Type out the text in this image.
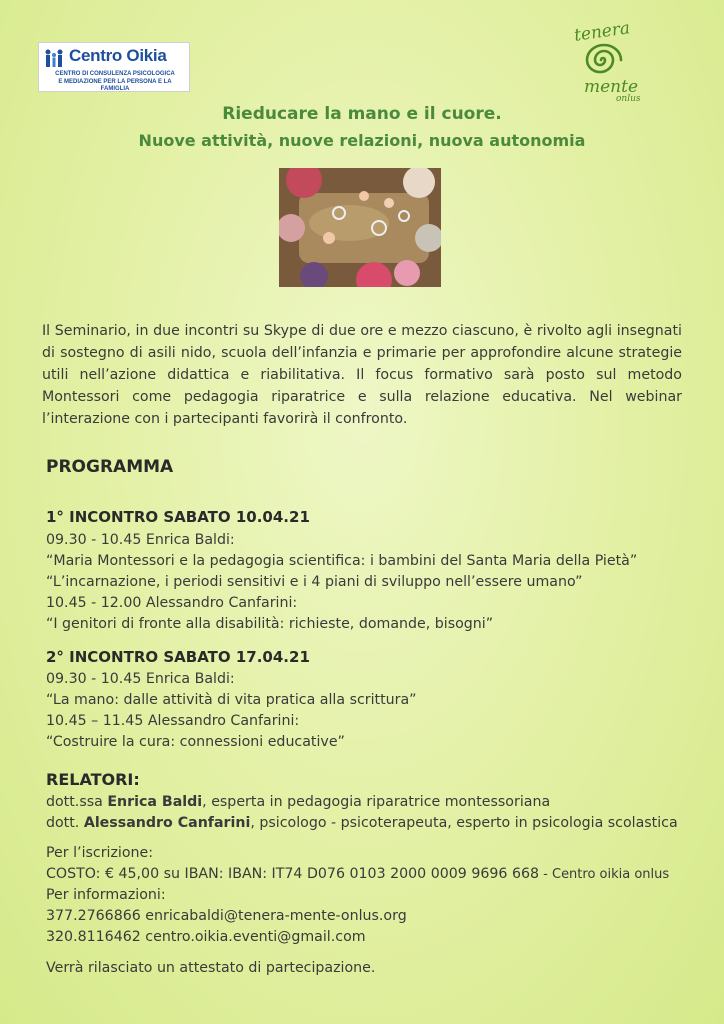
Centro Oikia
CENTRO DI CONSULENZA PSICOLOGICA
E MEDIAZIONE PER LA PERSONA E LA FAMIGLIA
tenera
mente
onlus
Rieducare la mano e il cuore.
Nuove attività, nuove relazioni, nuova autonomia
Il Seminario, in due incontri su Skype di due ore e mezzo ciascuno, è rivolto agli insegnati di sostegno di asili nido, scuola dell’infanzia e primarie per approfondire alcune strategie utili nell’azione didattica e riabilitativa. Il focus formativo sarà posto sul metodo Montessori come pedagogia riparatrice e sulla relazione educativa. Nel webinar l’interazione con i partecipanti favorirà il confronto.
PROGRAMMA
1° INCONTRO SABATO 10.04.21
09.30 - 10.45 Enrica Baldi:
“Maria Montessori e la pedagogia scientifica: i bambini del Santa Maria della Pietà”
“L’incarnazione, i periodi sensitivi e i 4 piani di sviluppo nell’essere umano”
10.45 - 12.00 Alessandro Canfarini:
“I genitori di fronte alla disabilità: richieste, domande, bisogni”
2° INCONTRO SABATO 17.04.21
09.30 - 10.45 Enrica Baldi:
“La mano: dalle attività di vita pratica alla scrittura”
10.45 – 11.45 Alessandro Canfarini:
“Costruire la cura: connessioni educative”
RELATORI:
dott.ssa Enrica Baldi, esperta in pedagogia riparatrice montessoriana
dott. Alessandro Canfarini, psicologo - psicoterapeuta, esperto in psicologia scolastica
Per l’iscrizione:
COSTO: € 45,00 su IBAN: IBAN: IT74 D076 0103 2000 0009 9696 668 - Centro oikia onlus
Per informazioni:
377.2766866 enricabaldi@tenera-mente-onlus.org
320.8116462 centro.oikia.eventi@gmail.com
Verrà rilasciato un attestato di partecipazione.
